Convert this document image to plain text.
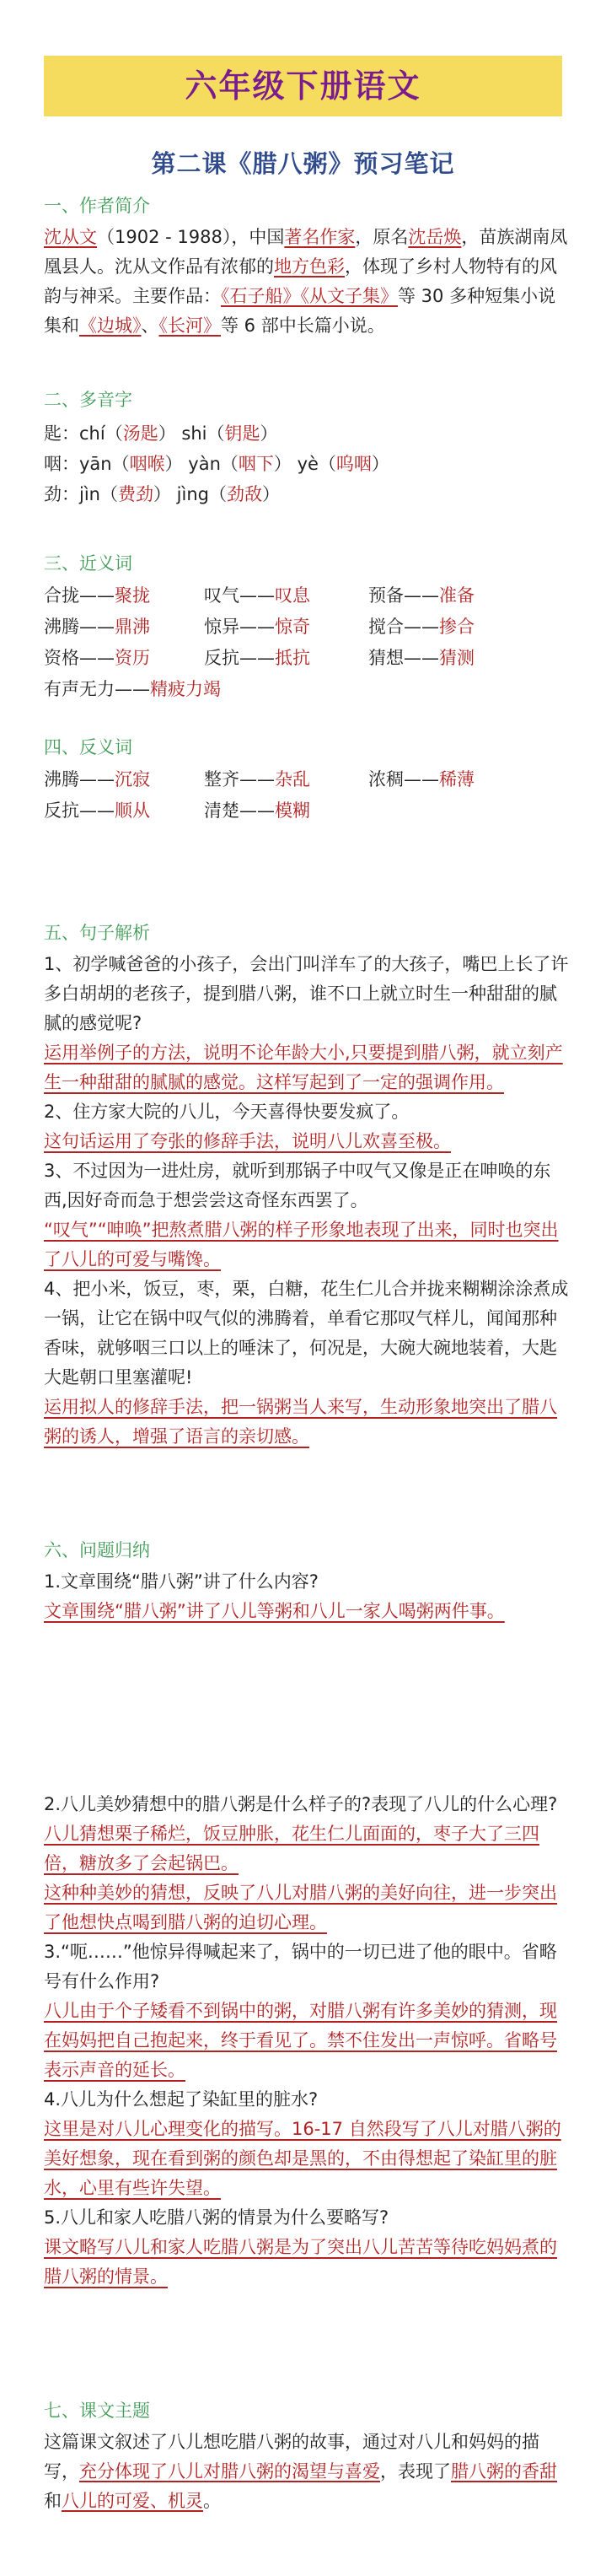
六年级下册语文
第二课《腊八粥》预习笔记

一、作者简介

沈从文（1902 - 1988），中国著名作家，原名沈岳焕，苗族湖南凤凰县人。沈从文作品有浓郁的地方色彩，体现了乡村人物特有的风韵与神采。主要作品：《石子船》《从文子集》等 30 多种短集小说集和《边城》、《长河》等 6 部中长篇小说。

二、多音字

匙：chí（汤匙） shi（钥匙）

咽：yān（咽喉） yàn（咽下） yè（呜咽）

劲：jìn（费劲） jìng（劲敌）

三、近义词

合拢——聚拢	叹气——叹息	预备——准备
沸腾——鼎沸	惊异——惊奇	搅合——掺合
资格——资历	反抗——抵抗	猜想——猜测
有声无力——精疲力竭

四、反义词

沸腾——沉寂	整齐——杂乱	浓稠——稀薄
反抗——顺从	清楚——模糊

五、句子解析

1、初学喊爸爸的小孩子，会出门叫洋车了的大孩子，嘴巴上长了许多白胡胡的老孩子，提到腊八粥，谁不口上就立时生一种甜甜的腻腻的感觉呢?

运用举例子的方法，说明不论年龄大小,只要提到腊八粥，就立刻产生一种甜甜的腻腻的感觉。这样写起到了一定的强调作用。

2、住方家大院的八儿，今天喜得快要发疯了。

这句话运用了夸张的修辞手法，说明八儿欢喜至极。

3、不过因为一进灶房，就听到那锅子中叹气又像是正在呻唤的东西,因好奇而急于想尝尝这奇怪东西罢了。

“叹气”“呻唤”把熬煮腊八粥的样子形象地表现了出来，同时也突出了八儿的可爱与嘴馋。

4、把小米，饭豆，枣，栗，白糖，花生仁儿合并拢来糊糊涂涂煮成一锅，让它在锅中叹气似的沸腾着，单看它那叹气样儿，闻闻那种香味，就够咽三口以上的唾沫了，何况是，大碗大碗地装着，大匙大匙朝口里塞灌呢!

运用拟人的修辞手法，把一锅粥当人来写，生动形象地突出了腊八粥的诱人，增强了语言的亲切感。

六、问题归纳

1.文章围绕“腊八粥”讲了什么内容?

文章围绕“腊八粥”讲了八儿等粥和八儿一家人喝粥两件事。

2.八儿美妙猜想中的腊八粥是什么样子的?表现了八儿的什么心理?

八儿猜想栗子稀烂，饭豆肿胀，花生仁儿面面的，枣子大了三四倍，糖放多了会起锅巴。

这种种美妙的猜想，反映了八儿对腊八粥的美好向往，进一步突出了他想快点喝到腊八粥的迫切心理。

3.“呃……”他惊异得喊起来了，锅中的一切已进了他的眼中。省略号有什么作用?

八儿由于个子矮看不到锅中的粥，对腊八粥有许多美妙的猜测，现在妈妈把自己抱起来，终于看见了。禁不住发出一声惊呼。省略号表示声音的延长。

4.八儿为什么想起了染缸里的脏水?

这里是对八儿心理变化的描写。16-17 自然段写了八儿对腊八粥的美好想象，现在看到粥的颜色却是黑的，不由得想起了染缸里的脏水，心里有些许失望。

5.八儿和家人吃腊八粥的情景为什么要略写?

课文略写八儿和家人吃腊八粥是为了突出八儿苦苦等待吃妈妈煮的腊八粥的情景。

七、课文主题

这篇课文叙述了八儿想吃腊八粥的故事，通过对八儿和妈妈的描写，充分体现了八儿对腊八粥的渴望与喜爱，表现了腊八粥的香甜和八儿的可爱、机灵。
